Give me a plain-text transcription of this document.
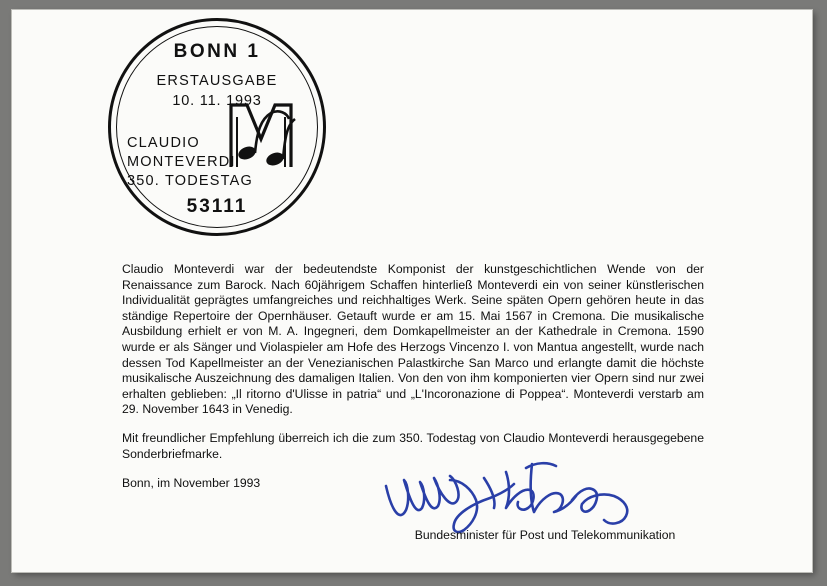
BONN 1
ERSTAUSGABE
10. 11. 1993
CLAUDIO
MONTEVERDI
350. TODESTAG
53111

Claudio Monteverdi war der bedeutendste Komponist der kunstgeschichtlichen Wende von der Renaissance zum Barock. Nach 60jährigem Schaffen hinterließ Monteverdi ein von seiner künstlerischen Individualität geprägtes umfangreiches und reichhaltiges Werk. Seine späten Opern gehören heute in das ständige Repertoire der Opernhäuser. Getauft wurde er am 15. Mai 1567 in Cremona. Die musikalische Ausbildung erhielt er von M. A. Ingegneri, dem Domkapellmeister an der Kathedrale in Cremona. 1590 wurde er als Sänger und Violaspieler am Hofe des Herzogs Vincenzo I. von Mantua angestellt, wurde nach dessen Tod Kapellmeister an der Venezianischen Palastkirche San Marco und erlangte damit die höchste musikalische Auszeichnung des damaligen Italien. Von den von ihm komponierten vier Opern sind nur zwei erhalten geblieben: „Il ritorno d'Ulisse in patria“ und „L'Incoronazione di Poppea“. Monteverdi verstarb am 29. November 1643 in Venedig.

Mit freundlicher Empfehlung überreich ich die zum 350. Todestag von Claudio Monteverdi herausgegebene Sonderbriefmarke.

Bonn, im November 1993
Bundesminister für Post und Telekommunikation
